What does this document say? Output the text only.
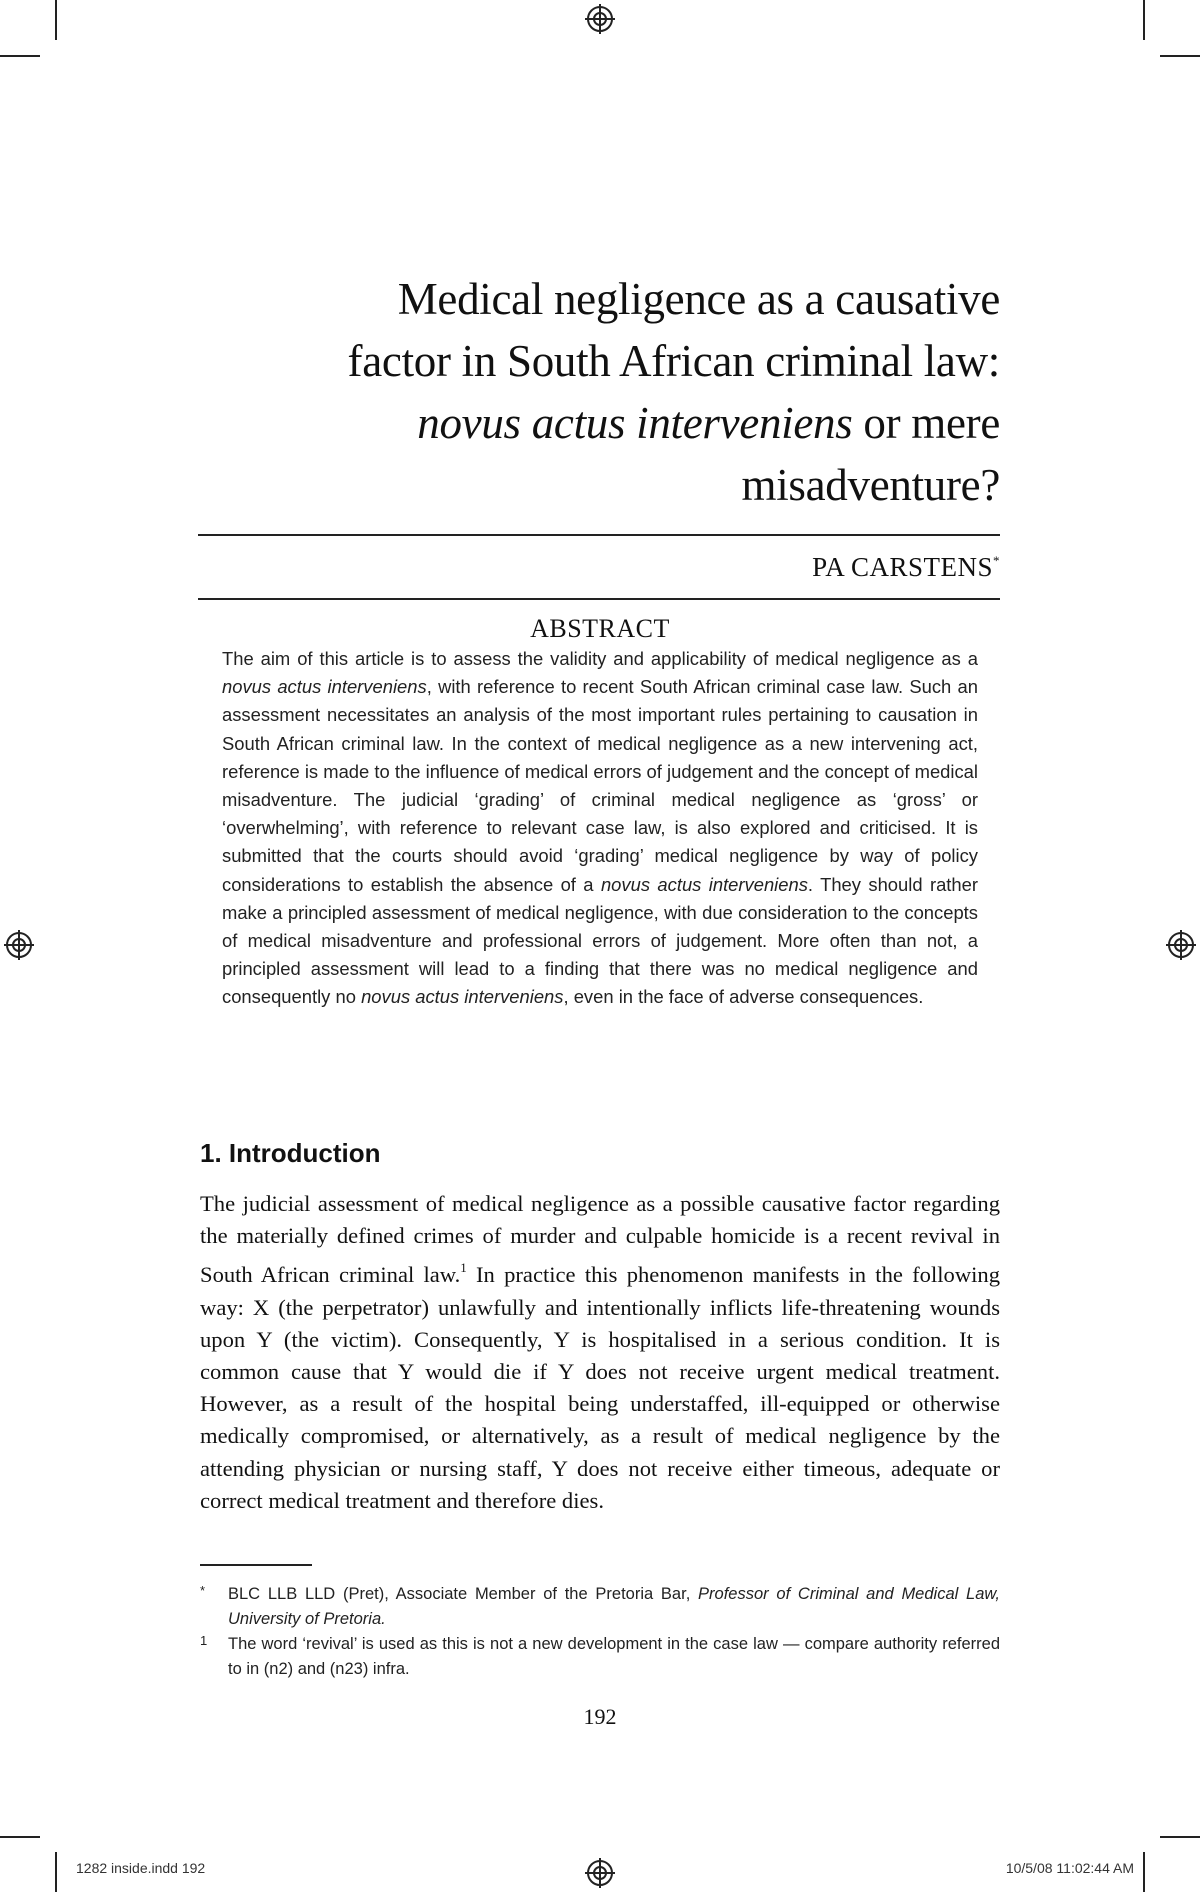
Medical negligence as a causative
factor in South African criminal law:
novus actus interveniens or mere
misadventure?
PA CARSTENS*
ABSTRACT
The aim of this article is to assess the validity and applicability of medical negligence as a novus actus interveniens, with reference to recent South African criminal case law. Such an assessment necessitates an analysis of the most important rules pertaining to causation in South African criminal law. In the context of medical negligence as a new intervening act, reference is made to the influence of medical errors of judgement and the concept of medical misadventure. The judicial ‘grading’ of criminal medical negligence as ‘gross’ or ‘overwhelming’, with reference to relevant case law, is also explored and criticised. It is submitted that the courts should avoid ‘grading’ medical negligence by way of policy considerations to establish the absence of a novus actus interveniens. They should rather make a principled assessment of medical negligence, with due consideration to the concepts of medical misadventure and professional errors of judgement. More often than not, a principled assessment will lead to a finding that there was no medical negligence and consequently no novus actus interveniens, even in the face of adverse consequences.
1. Introduction
The judicial assessment of medical negligence as a possible causative factor regarding the materially defined crimes of murder and culpable homicide is a recent revival in South African criminal law.$^1$ In practice this phenomenon manifests in the following way: X (the perpetrator) unlawfully and intentionally inflicts life-threatening wounds upon Y (the victim). Consequently, Y is hospitalised in a serious condition. It is common cause that Y would die if Y does not receive urgent medical treatment. However, as a result of the hospital being understaffed, ill-equipped or otherwise medically compromised, or alternatively, as a result of medical negligence by the attending physician or nursing staff, Y does not receive either timeous, adequate or correct medical treatment and therefore dies.
* BLC LLB LLD (Pret), Associate Member of the Pretoria Bar, Professor of Criminal and Medical Law, University of Pretoria.
1 The word ‘revival’ is used as this is not a new development in the case law — compare authority referred to in (n2) and (n23) infra.
192
1282 inside.indd 192	10/5/08 11:02:44 AM
